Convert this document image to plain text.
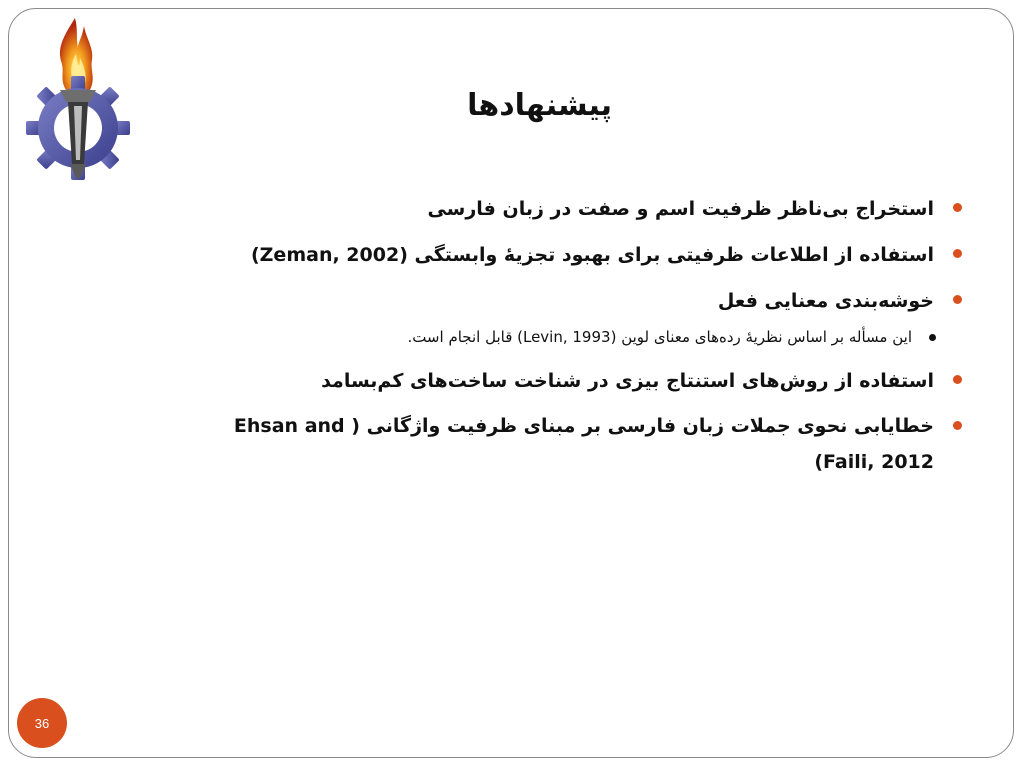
پیشنهادها
استخراج بی‌ناظر ظرفیت اسم و صفت در زبان فارسی
استفاده از اطلاعات ظرفیتی برای بهبود تجزیهٔ وابستگی (Zeman, 2002)
خوشه‌بندی معنایی فعل
این مسأله بر اساس نظریهٔ رده‌های معنای لوین (Levin, 1993) قابل انجام است.
استفاده از روش‌های استنتاج بیزی در شناخت ساخت‌های کم‌بسامد
خطایابی نحوی جملات زبان فارسی بر مبنای ظرفیت واژگانی ( Ehsan and Faili, 2012)
36
